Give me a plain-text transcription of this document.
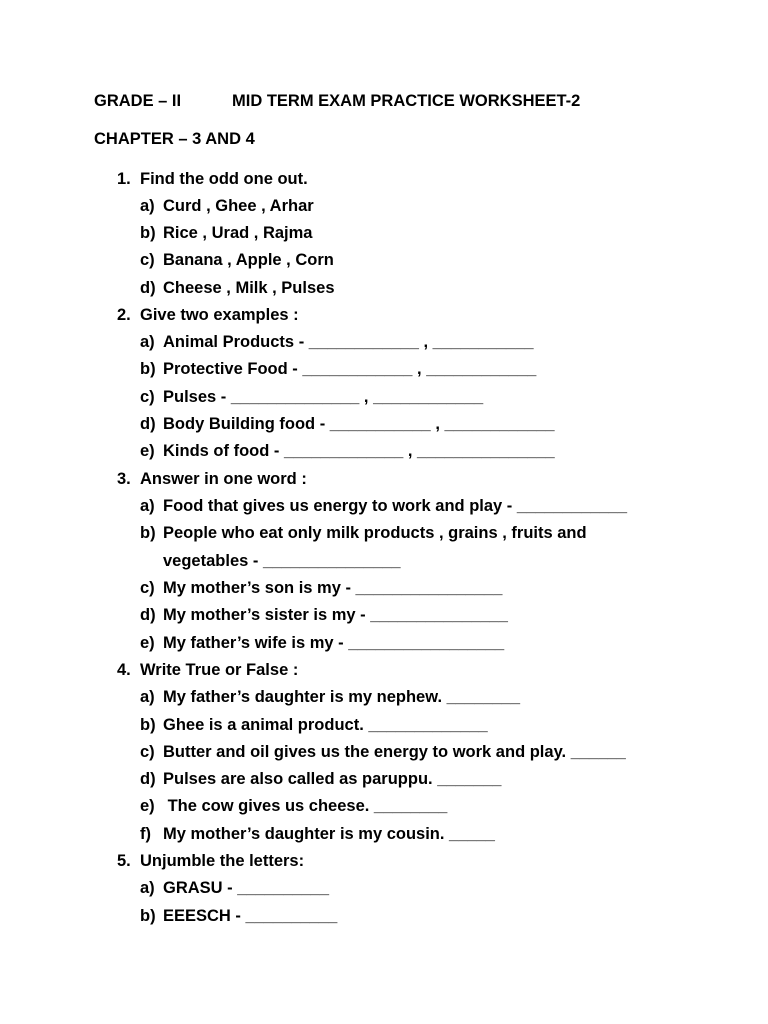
GRADE – II	MID TERM EXAM PRACTICE WORKSHEET-2
CHAPTER – 3 AND 4
1. Find the odd one out.
a) Curd , Ghee , Arhar
b) Rice , Urad , Rajma
c) Banana , Apple , Corn
d) Cheese , Milk , Pulses
2. Give two examples :
a) Animal Products - ____________ , ___________
b) Protective Food - ____________ , ____________
c) Pulses - ______________ , ____________
d) Body Building food - ___________ , ____________
e) Kinds of food - _____________ , _______________
3. Answer in one word :
a) Food that gives us energy to work and play - ____________
b) People who eat only milk products , grains , fruits and
vegetables - _______________
c) My mother’s son is my - ________________
d) My mother’s sister is my - _______________
e) My father’s wife is my - _________________
4. Write True or False :
a) My father’s daughter is my nephew. ________
b) Ghee is a animal product. _____________
c) Butter and oil gives us the energy to work and play. ______
d) Pulses are also called as paruppu. _______
e) The cow gives us cheese. ________
f) My mother’s daughter is my cousin. _____
5. Unjumble the letters:
a) GRASU - __________
b) EEESCH - __________
